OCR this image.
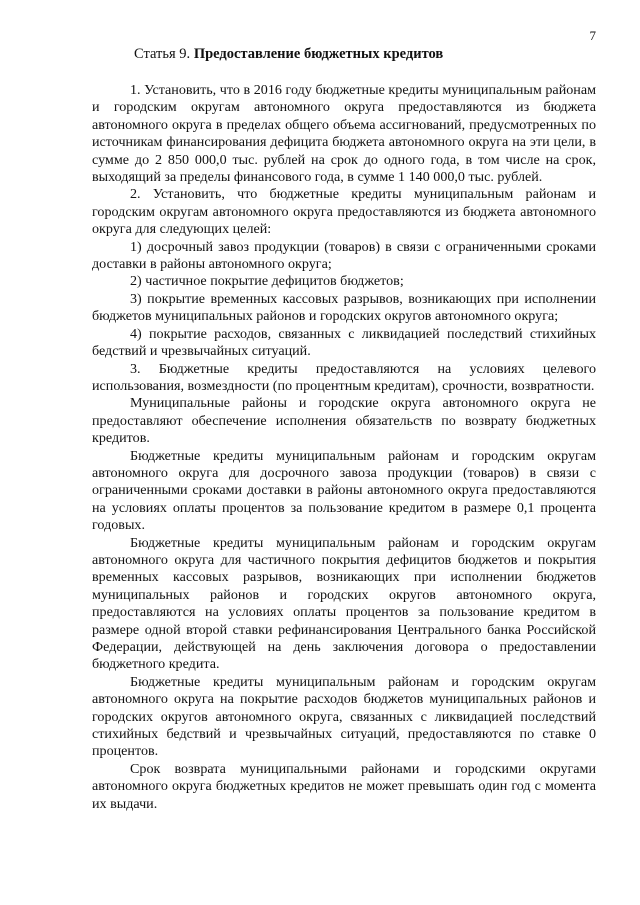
7
Статья 9. Предоставление бюджетных кредитов

1. Установить, что в 2016 году бюджетные кредиты муниципальным районам и городским округам автономного округа предоставляются из бюджета автономного округа в пределах общего объема ассигнований, предусмотренных по источникам финансирования дефицита бюджета автономного округа на эти цели, в сумме до 2 850 000,0 тыс. рублей на срок до одного года, в том числе на срок, выходящий за пределы финансового года, в сумме 1 140 000,0 тыс. рублей.

2. Установить, что бюджетные кредиты муниципальным районам и городским округам автономного округа предоставляются из бюджета автономного округа для следующих целей:

1) досрочный завоз продукции (товаров) в связи с ограниченными сроками доставки в районы автономного округа;

2) частичное покрытие дефицитов бюджетов;

3) покрытие временных кассовых разрывов, возникающих при исполнении бюджетов муниципальных районов и городских округов автономного округа;

4) покрытие расходов, связанных с ликвидацией последствий стихийных бедствий и чрезвычайных ситуаций.

3. Бюджетные кредиты предоставляются на условиях целевого использования, возмездности (по процентным кредитам), срочности, возвратности.

Муниципальные районы и городские округа автономного округа не предоставляют обеспечение исполнения обязательств по возврату бюджетных кредитов.

Бюджетные кредиты муниципальным районам и городским округам автономного округа для досрочного завоза продукции (товаров) в связи с ограниченными сроками доставки в районы автономного округа предоставляются на условиях оплаты процентов за пользование кредитом в размере 0,1 процента годовых.

Бюджетные кредиты муниципальным районам и городским округам автономного округа для частичного покрытия дефицитов бюджетов и покрытия временных кассовых разрывов, возникающих при исполнении бюджетов муниципальных районов и городских округов автономного округа, предоставляются на условиях оплаты процентов за пользование кредитом в размере одной второй ставки рефинансирования Центрального банка Российской Федерации, действующей на день заключения договора о предоставлении бюджетного кредита.

Бюджетные кредиты муниципальным районам и городским округам автономного округа на покрытие расходов бюджетов муниципальных районов и городских округов автономного округа, связанных с ликвидацией последствий стихийных бедствий и чрезвычайных ситуаций, предоставляются по ставке 0 процентов.

Срок возврата муниципальными районами и городскими округами автономного округа бюджетных кредитов не может превышать один год с момента их выдачи.
